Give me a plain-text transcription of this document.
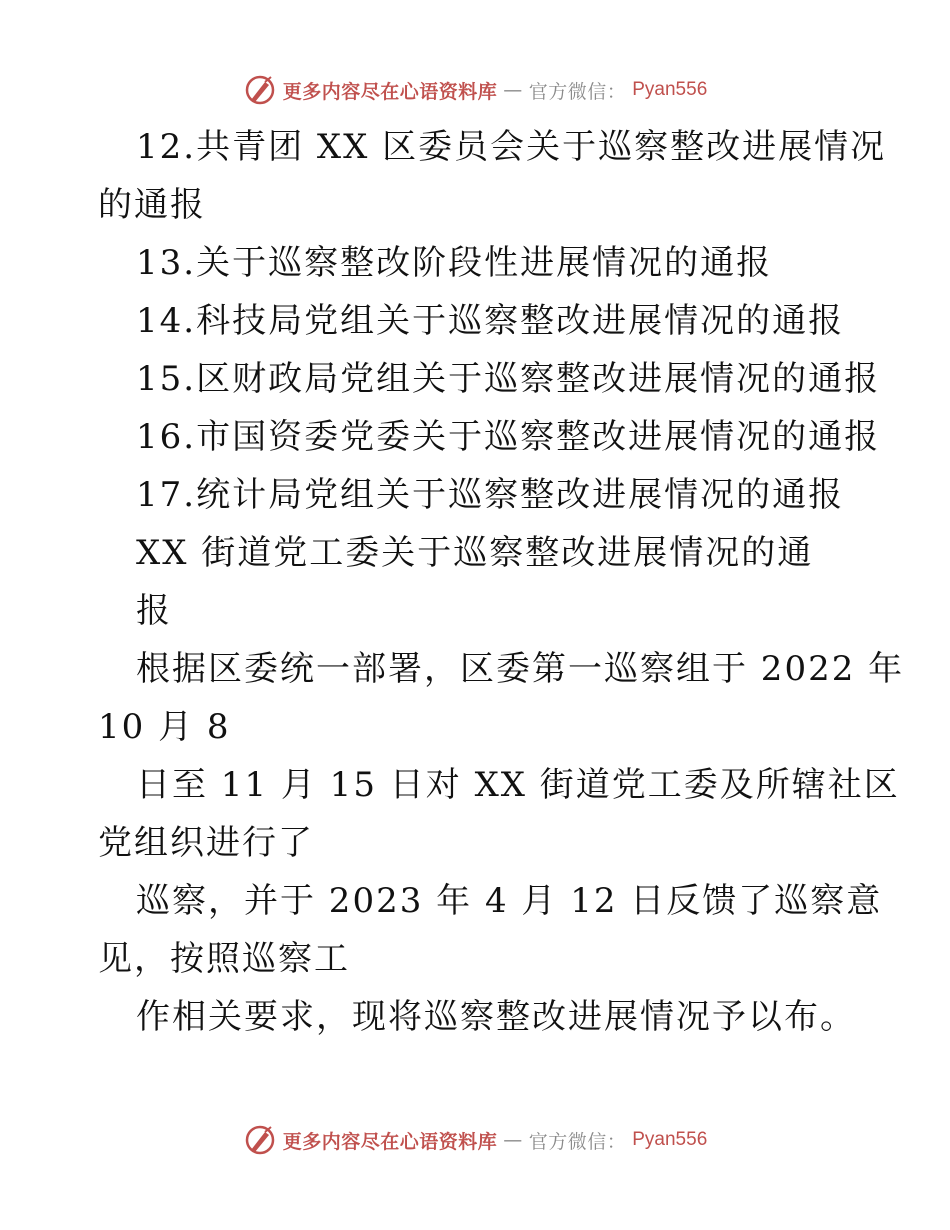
更多内容尽在心语资料库 — 官方微信： Pyan556
12.共青团 XX 区委员会关于巡察整改进展情况
的通报
13.关于巡察整改阶段性进展情况的通报
14.科技局党组关于巡察整改进展情况的通报
15.区财政局党组关于巡察整改进展情况的通报
16.市国资委党委关于巡察整改进展情况的通报
17.统计局党组关于巡察整改进展情况的通报
XX 街道党工委关于巡察整改进展情况的通
报
根据区委统一部署，区委第一巡察组于 2022 年
10 月 8
日至 11 月 15 日对 XX 街道党工委及所辖社区
党组织进行了
巡察，并于 2023 年 4 月 12 日反馈了巡察意
见，按照巡察工
作相关要求，现将巡察整改进展情况予以布。
更多内容尽在心语资料库 — 官方微信： Pyan556
